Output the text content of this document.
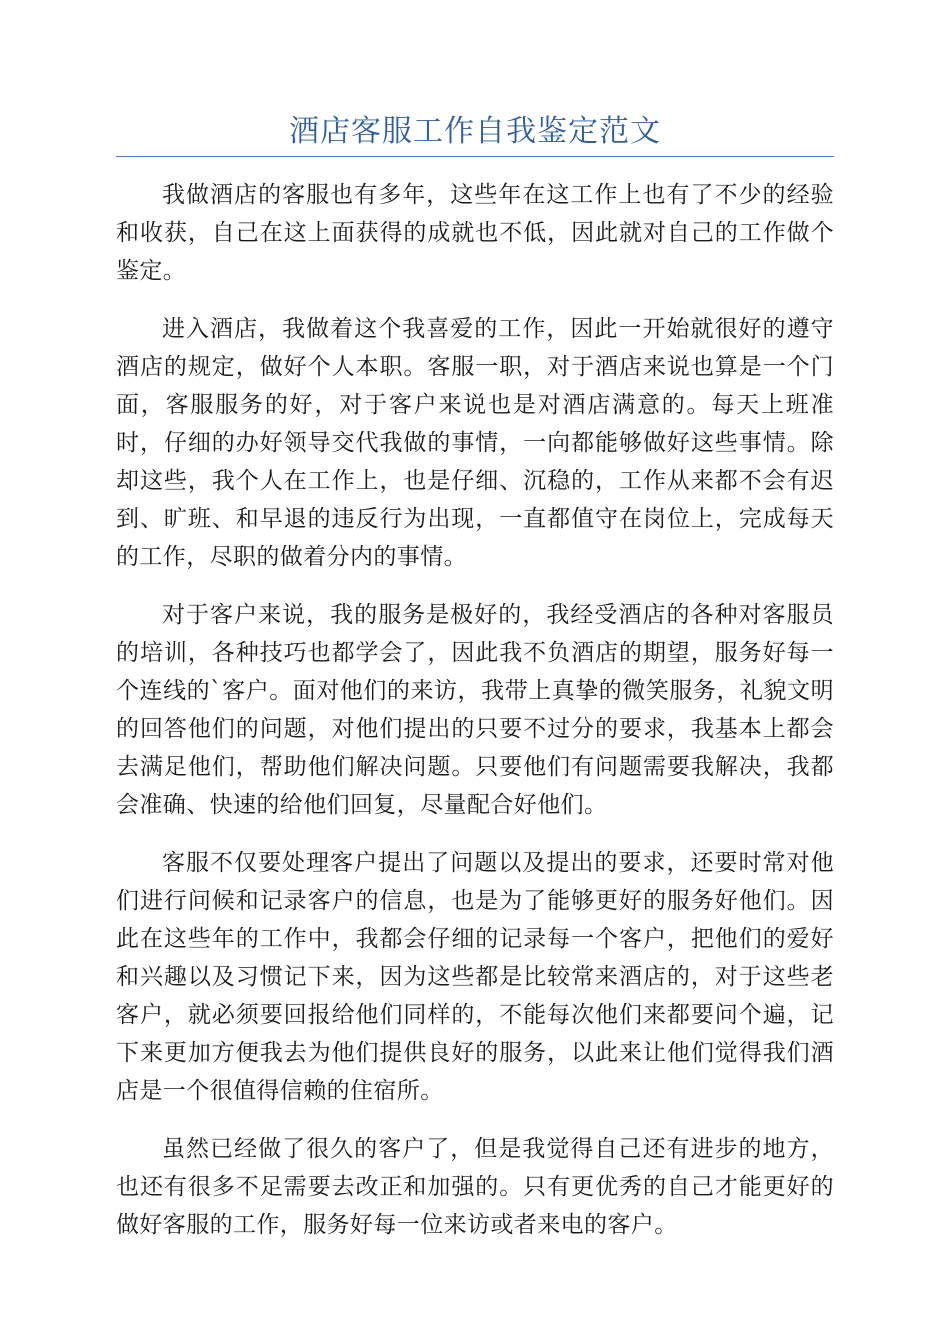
酒店客服工作自我鉴定范文

我做酒店的客服也有多年，这些年在这工作上也有了不少的经验和收获，自己在这上面获得的成就也不低，因此就对自己的工作做个鉴定。

进入酒店，我做着这个我喜爱的工作，因此一开始就很好的遵守酒店的规定，做好个人本职。客服一职，对于酒店来说也算是一个门面，客服服务的好，对于客户来说也是对酒店满意的。每天上班准时，仔细的办好领导交代我做的事情，一向都能够做好这些事情。除却这些，我个人在工作上，也是仔细、沉稳的，工作从来都不会有迟到、旷班、和早退的违反行为出现，一直都值守在岗位上，完成每天的工作，尽职的做着分内的事情。

对于客户来说，我的服务是极好的，我经受酒店的各种对客服员的培训，各种技巧也都学会了，因此我不负酒店的期望，服务好每一个连线的`客户。面对他们的来访，我带上真挚的微笑服务，礼貌文明的回答他们的问题，对他们提出的只要不过分的要求，我基本上都会去满足他们，帮助他们解决问题。只要他们有问题需要我解决，我都会准确、快速的给他们回复，尽量配合好他们。

客服不仅要处理客户提出了问题以及提出的要求，还要时常对他们进行问候和记录客户的信息，也是为了能够更好的服务好他们。因此在这些年的工作中，我都会仔细的记录每一个客户，把他们的爱好和兴趣以及习惯记下来，因为这些都是比较常来酒店的，对于这些老客户，就必须要回报给他们同样的，不能每次他们来都要问个遍，记下来更加方便我去为他们提供良好的服务，以此来让他们觉得我们酒店是一个很值得信赖的住宿所。

虽然已经做了很久的客户了，但是我觉得自己还有进步的地方，也还有很多不足需要去改正和加强的。只有更优秀的自己才能更好的做好客服的工作，服务好每一位来访或者来电的客户。
